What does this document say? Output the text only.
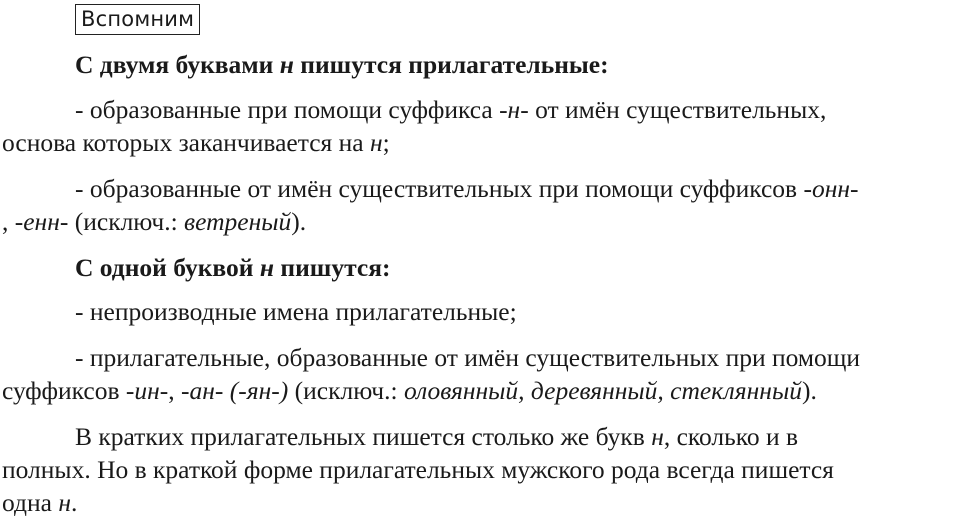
Вспомним
С двумя буквами н пишутся прилагательные:
- образованные при помощи суффикса -н- от имён существительных,
основа которых заканчивается на н;
- образованные от имён существительных при помощи суффиксов -онн-
, -енн- (исключ.: ветреный).
С одной буквой н пишутся:
- непроизводные имена прилагательные;
- прилагательные, образованные от имён существительных при помощи
суффиксов -ин-, -ан- (-ян-) (исключ.: оловянный, деревянный, стеклянный).
В кратких прилагательных пишется столько же букв н, сколько и в
полных. Но в краткой форме прилагательных мужского рода всегда пишется
одна н.
